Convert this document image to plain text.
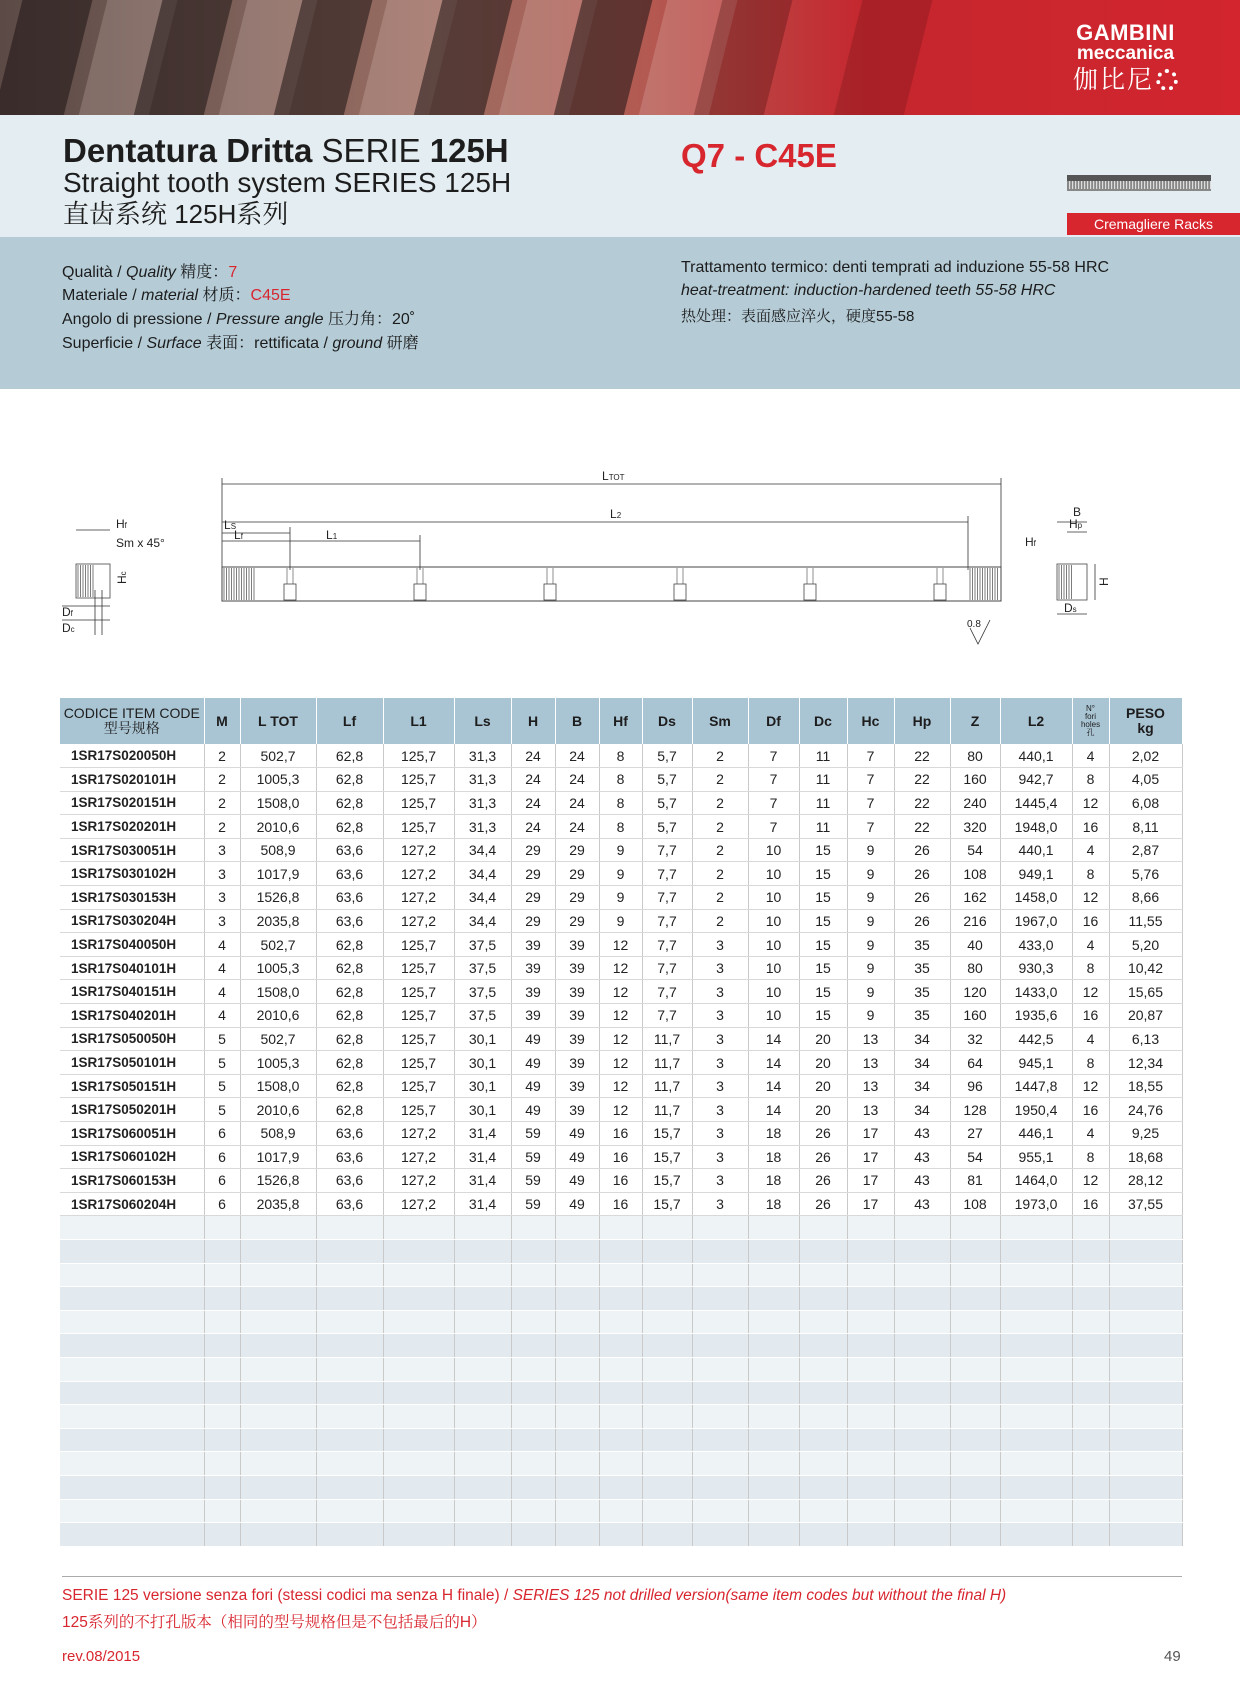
GAMBINI
meccanica
伽比尼
Dentatura Dritta SERIE 125H
Straight tooth system SERIES 125H
直齿系统 125H系列
Q7 - C45E
Cremagliere Racks
Qualità / Quality 精度：7
Materiale / material 材质：C45E
Angolo di pressione / Pressure angle 压力角：20˚
Superficie / Surface 表面：rettificata / ground 研磨
Trattamento termico: denti temprati ad induzione 55-58 HRC
heat-treatment: induction-hardened teeth 55-58 HRC
热处理：表面感应淬火，硬度55-58
LTOT
L2
LS
Lf	L1
Hf
Sm x 45°
Hc
Df
Dc
B
Hp
Hf
H
Ds
0.8
CODICE ITEM CODE
型号规格	M	L TOT	Lf	L1	Ls	H	B	Hf	Ds	Sm	Df	Dc	Hc	Hp	Z	L2	N°
fori
holes
孔	PESO
kg
1SR17S020050H	2	502,7	62,8	125,7	31,3	24	24	8	5,7	2	7	11	7	22	80	440,1	4	2,02
1SR17S020101H	2	1005,3	62,8	125,7	31,3	24	24	8	5,7	2	7	11	7	22	160	942,7	8	4,05
1SR17S020151H	2	1508,0	62,8	125,7	31,3	24	24	8	5,7	2	7	11	7	22	240	1445,4	12	6,08
1SR17S020201H	2	2010,6	62,8	125,7	31,3	24	24	8	5,7	2	7	11	7	22	320	1948,0	16	8,11
1SR17S030051H	3	508,9	63,6	127,2	34,4	29	29	9	7,7	2	10	15	9	26	54	440,1	4	2,87
1SR17S030102H	3	1017,9	63,6	127,2	34,4	29	29	9	7,7	2	10	15	9	26	108	949,1	8	5,76
1SR17S030153H	3	1526,8	63,6	127,2	34,4	29	29	9	7,7	2	10	15	9	26	162	1458,0	12	8,66
1SR17S030204H	3	2035,8	63,6	127,2	34,4	29	29	9	7,7	2	10	15	9	26	216	1967,0	16	11,55
1SR17S040050H	4	502,7	62,8	125,7	37,5	39	39	12	7,7	3	10	15	9	35	40	433,0	4	5,20
1SR17S040101H	4	1005,3	62,8	125,7	37,5	39	39	12	7,7	3	10	15	9	35	80	930,3	8	10,42
1SR17S040151H	4	1508,0	62,8	125,7	37,5	39	39	12	7,7	3	10	15	9	35	120	1433,0	12	15,65
1SR17S040201H	4	2010,6	62,8	125,7	37,5	39	39	12	7,7	3	10	15	9	35	160	1935,6	16	20,87
1SR17S050050H	5	502,7	62,8	125,7	30,1	49	39	12	11,7	3	14	20	13	34	32	442,5	4	6,13
1SR17S050101H	5	1005,3	62,8	125,7	30,1	49	39	12	11,7	3	14	20	13	34	64	945,1	8	12,34
1SR17S050151H	5	1508,0	62,8	125,7	30,1	49	39	12	11,7	3	14	20	13	34	96	1447,8	12	18,55
1SR17S050201H	5	2010,6	62,8	125,7	30,1	49	39	12	11,7	3	14	20	13	34	128	1950,4	16	24,76
1SR17S060051H	6	508,9	63,6	127,2	31,4	59	49	16	15,7	3	18	26	17	43	27	446,1	4	9,25
1SR17S060102H	6	1017,9	63,6	127,2	31,4	59	49	16	15,7	3	18	26	17	43	54	955,1	8	18,68
1SR17S060153H	6	1526,8	63,6	127,2	31,4	59	49	16	15,7	3	18	26	17	43	81	1464,0	12	28,12
1SR17S060204H	6	2035,8	63,6	127,2	31,4	59	49	16	15,7	3	18	26	17	43	108	1973,0	16	37,55

SERIE 125 versione senza fori (stessi codici ma senza H finale) / SERIES 125 not drilled version(same item codes but without the final H)
125系列的不打孔版本（相同的型号规格但是不包括最后的H）
rev.08/2015	49
